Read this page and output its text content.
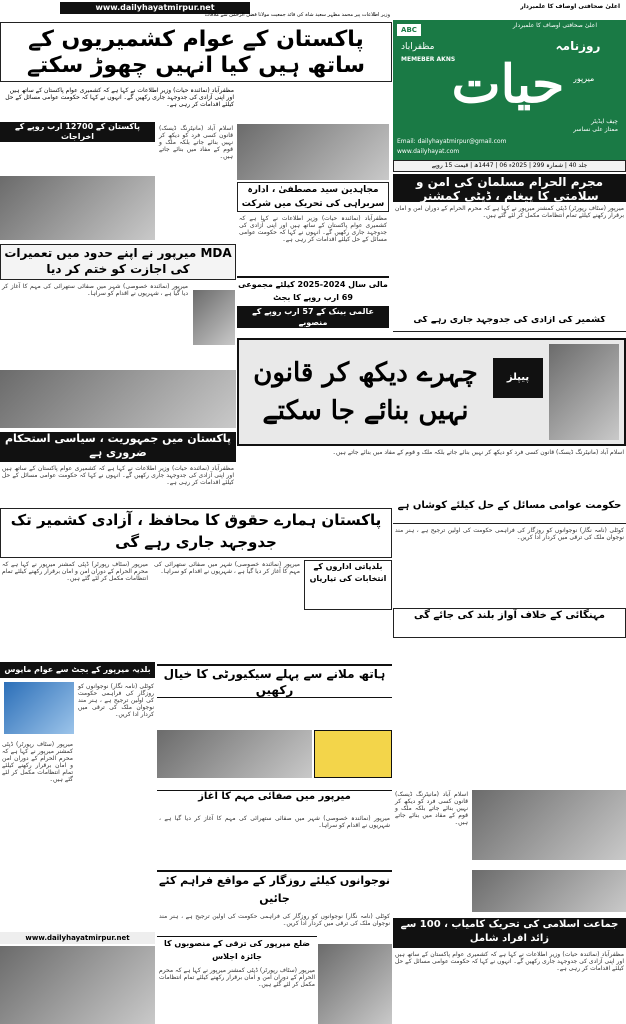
www.dailyhayatmirpur.net	اعلیٰ صحافتی اوصاف کا علمبردار
وزیر اطلاعات پیر محمد مظہر سعید شاہ کی قائد جمعیت مولانا فضل الرحمٰن سے ملاقات
پاکستان کے عوام کشمیریوں کے ساتھ ہیں کیا انہیں چھوڑ سکتے
اعلیٰ صحافتی اوصاف کا علمبردار
ABC
روزنامہ
مظفرآباد
MEMEBER AKNS
حیات	میرپور
چیف ایڈیٹر
ممتاز علی نساسر
Email: dailyhayatmirpur@gmail.com
www.dailyhayat.com
جلد 40 | شمارہ 299 | 2025ء 06 | 1447ھ | قیمت 15 روپے
مجرم الحرام مسلمان کی امن و سلامتی کا پیغام ، ڈپٹی کمشنر
میرپور (سٹاف رپورٹر) ڈپٹی کمشنر میرپور نے کہا ہے کہ محرم الحرام کے دوران امن و امان برقرار رکھنے کیلئے تمام انتظامات مکمل کر لئے گئے ہیں۔
کشمیر کی آزادی کی جدوجہد جاری رہے گی
مجاہدین سید مصطفیٰ ، ادارہ سربراہی کی تحریک میں شرکت
مظفرآباد (نمائندہ حیات) وزیر اطلاعات نے کہا ہے کہ کشمیری عوام پاکستان کے ساتھ ہیں اور اپنی آزادی کی جدوجہد جاری رکھیں گے۔ انہوں نے کہا کہ حکومت عوامی مسائل کے حل کیلئے اقدامات کر رہی ہے۔
مالی سال 2024-2025 کیلئے مجموعی 69 ارب روپے کا بجٹ
عالمی بینک کے 57 ارب روپے کے منصوبے
مظفرآباد (نمائندہ حیات) وزیر اطلاعات نے کہا ہے کہ کشمیری عوام پاکستان کے ساتھ ہیں اور اپنی آزادی کی جدوجہد جاری رکھیں گے۔ انہوں نے کہا کہ حکومت عوامی مسائل کے حل کیلئے اقدامات کر رہی ہے۔
پاکستان کے 12700 ارب روپے کے اخراجات
اسلام آباد (مانیٹرنگ ڈیسک) قانون کسی فرد کو دیکھ کر نہیں بنائے جاتے بلکہ ملک و قوم کے مفاد میں بنائے جاتے ہیں۔
MDA میرپور نے اپنے حدود میں تعمیرات کی اجازت کو ختم کر دیا
میرپور (نمائندہ خصوصی) شہر میں صفائی ستھرائی کی مہم کا آغاز کر دیا گیا ہے ، شہریوں نے اقدام کو سراہا۔
پیپلز
چہرے دیکھ کر قانون نہیں بنائے جا سکتے
اسلام آباد (مانیٹرنگ ڈیسک) قانون کسی فرد کو دیکھ کر نہیں بنائے جاتے بلکہ ملک و قوم کے مفاد میں بنائے جاتے ہیں۔
پاکستان میں جمہوریت ، سیاسی استحکام ضروری ہے
مظفرآباد (نمائندہ حیات) وزیر اطلاعات نے کہا ہے کہ کشمیری عوام پاکستان کے ساتھ ہیں اور اپنی آزادی کی جدوجہد جاری رکھیں گے۔ انہوں نے کہا کہ حکومت عوامی مسائل کے حل کیلئے اقدامات کر رہی ہے۔
پاکستان ہمارے حقوق کا محافظ ، آزادی کشمیر تک جدوجہد جاری رہے گی
میرپور (سٹاف رپورٹر) ڈپٹی کمشنر میرپور نے کہا ہے کہ محرم الحرام کے دوران امن و امان برقرار رکھنے کیلئے تمام انتظامات مکمل کر لئے گئے ہیں۔
میرپور (نمائندہ خصوصی) شہر میں صفائی ستھرائی کی مہم کا آغاز کر دیا گیا ہے ، شہریوں نے اقدام کو سراہا۔
بلدیاتی اداروں کے انتخابات کی تیاریاں
حکومت عوامی مسائل کے حل کیلئے کوشاں ہے
کوٹلی (نامہ نگار) نوجوانوں کو روزگار کی فراہمی حکومت کی اولین ترجیح ہے ، ہنر مند نوجوان ملک کی ترقی میں کردار ادا کریں۔
مہنگائی کے خلاف آواز بلند کی جائے گی
ہاتھ ملانے سے پہلے سیکیورٹی کا خیال رکھیں
بلدیہ میرپور کے بجٹ سے عوام مایوس
کوٹلی (نامہ نگار) نوجوانوں کو روزگار کی فراہمی حکومت کی اولین ترجیح ہے ، ہنر مند نوجوان ملک کی ترقی میں کردار ادا کریں۔
میرپور (سٹاف رپورٹر) ڈپٹی کمشنر میرپور نے کہا ہے کہ محرم الحرام کے دوران امن و امان برقرار رکھنے کیلئے تمام انتظامات مکمل کر لئے گئے ہیں۔
اسلام آباد (مانیٹرنگ ڈیسک) قانون کسی فرد کو دیکھ کر نہیں بنائے جاتے بلکہ ملک و قوم کے مفاد میں بنائے جاتے ہیں۔
میرپور میں صفائی مہم کا آغاز
میرپور (نمائندہ خصوصی) شہر میں صفائی ستھرائی کی مہم کا آغاز کر دیا گیا ہے ، شہریوں نے اقدام کو سراہا۔
نوجوانوں کیلئے روزگار کے مواقع فراہم کئے جائیں
کوٹلی (نامہ نگار) نوجوانوں کو روزگار کی فراہمی حکومت کی اولین ترجیح ہے ، ہنر مند نوجوان ملک کی ترقی میں کردار ادا کریں۔	جماعت اسلامی کی تحریک کامیاب ، 100 سے زائد افراد شامل
مظفرآباد (نمائندہ حیات) وزیر اطلاعات نے کہا ہے کہ کشمیری عوام پاکستان کے ساتھ ہیں اور اپنی آزادی کی جدوجہد جاری رکھیں گے۔ انہوں نے کہا کہ حکومت عوامی مسائل کے حل کیلئے اقدامات کر رہی ہے۔
www.dailyhayatmirpur.net
ضلع میرپور کی ترقی کے منصوبوں کا جائزہ اجلاس
میرپور (سٹاف رپورٹر) ڈپٹی کمشنر میرپور نے کہا ہے کہ محرم الحرام کے دوران امن و امان برقرار رکھنے کیلئے تمام انتظامات مکمل کر لئے گئے ہیں۔
